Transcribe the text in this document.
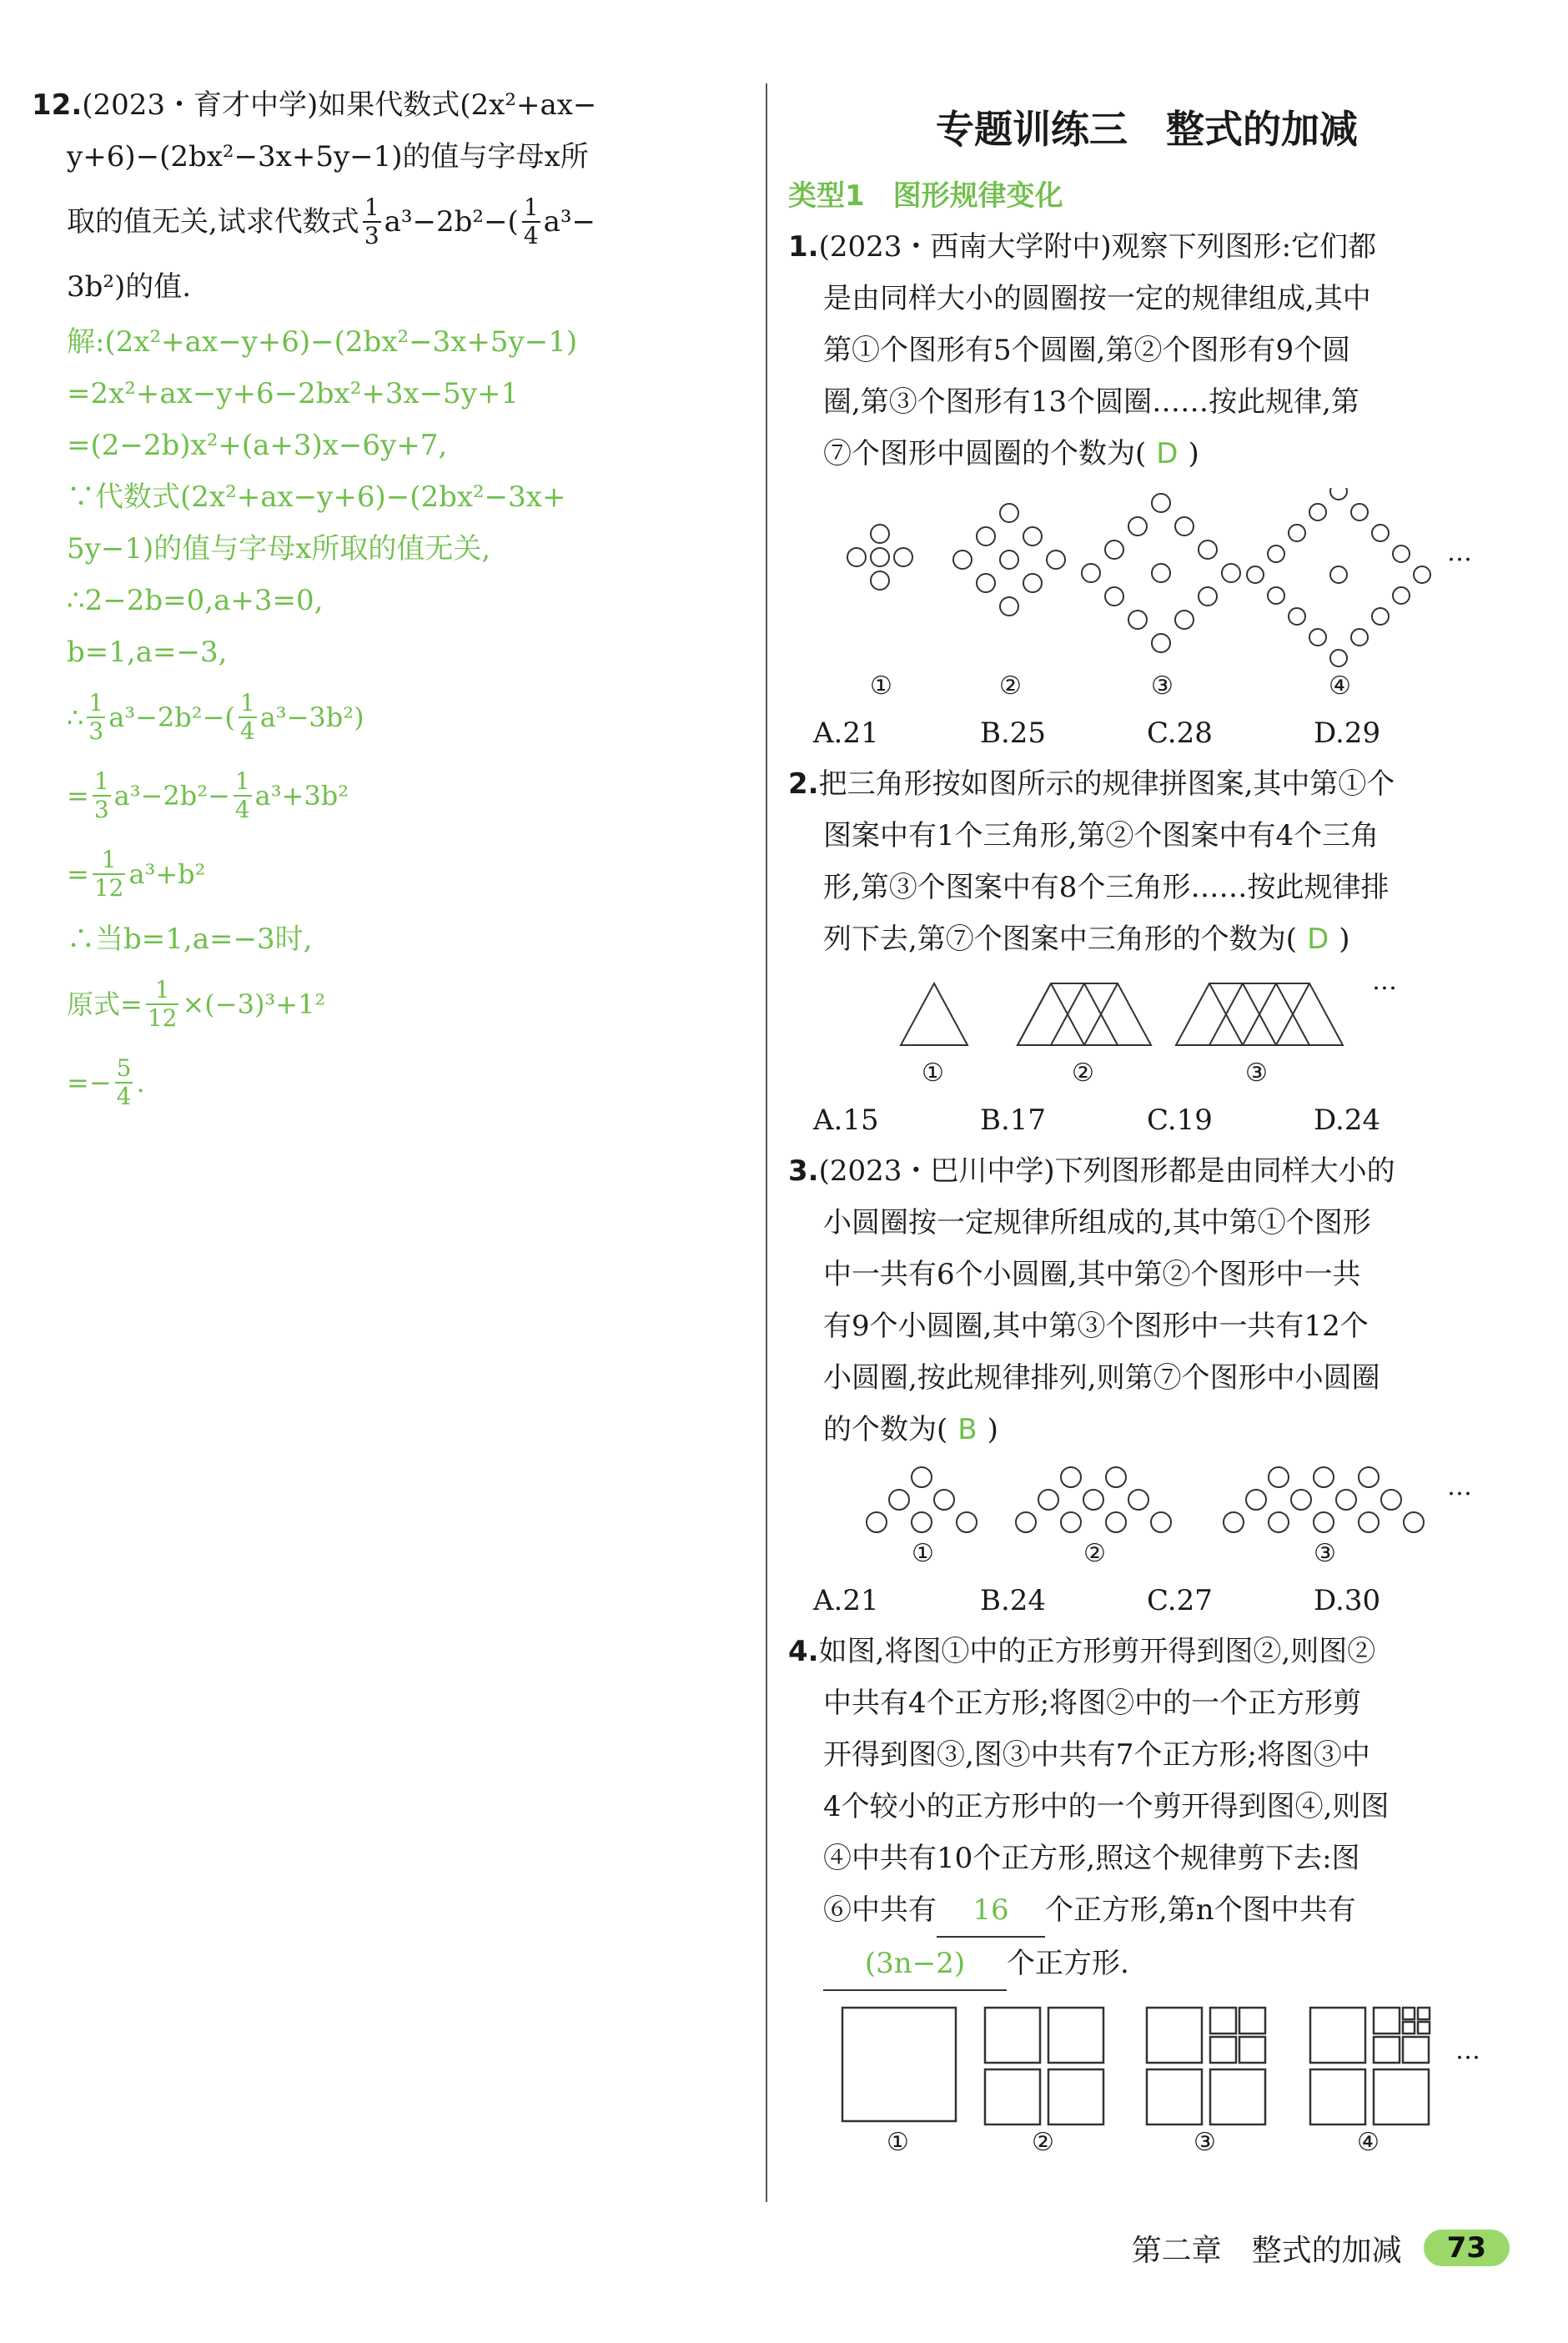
12.(2023・育才中学)如果代数式(2x²+ax−
y+6)−(2bx²−3x+5y−1)的值与字母x所
取的值无关,试求代数式 $\frac{1}{3} a^3-2b^2-( \frac{1}{4} a^3-$
3b²)的值.
解:(2x²+ax−y+6)−(2bx²−3x+5y−1)
=2x²+ax−y+6−2bx²+3x−5y+1
=(2−2b)x²+(a+3)x−6y+7,
∵代数式(2x²+ax−y+6)−(2bx²−3x+
5y−1)的值与字母x所取的值无关,
∴2−2b=0,a+3=0,
b=1,a=−3,
∴ $\frac{1}{3} a^3-2b^2-( \frac{1}{4} a^3-3b^2)$
= $\frac{1}{3} a^3-2b^2- \frac{1}{4} a^3+3b^2$
= $\frac{1}{12} a^3+b^2$
∴当b=1,a=−3时,
原式= $\frac{1}{12} \times(-3)^3+1^2$
=− $\frac{5}{4}$ .
专题训练三　整式的加减
类型1　图形规律变化
1.(2023・西南大学附中)观察下列图形:它们都
是由同样大小的圆圈按一定的规律组成,其中
第①个图形有5个圆圈,第②个图形有9个圆
圈,第③个图形有13个圆圈……按此规律,第
⑦个图形中圆圈的个数为( D )
①	②	③	④
…
A.21	B.25	C.28	D.29
2.把三角形按如图所示的规律拼图案,其中第①个
图案中有1个三角形,第②个图案中有4个三角
形,第③个图案中有8个三角形……按此规律排
列下去,第⑦个图案中三角形的个数为( D )
①	②	③
…
A.15	B.17	C.19	D.24
3.(2023・巴川中学)下列图形都是由同样大小的
小圆圈按一定规律所组成的,其中第①个图形
中一共有6个小圆圈,其中第②个图形中一共
有9个小圆圈,其中第③个图形中一共有12个
小圆圈,按此规律排列,则第⑦个图形中小圆圈
的个数为( B )
①	②	③
…
A.21	B.24	C.27	D.30
4.如图,将图①中的正方形剪开得到图②,则图②
中共有4个正方形;将图②中的一个正方形剪
开得到图③,图③中共有7个正方形;将图③中
4个较小的正方形中的一个剪开得到图④,则图
④中共有10个正方形,照这个规律剪下去:图
⑥中共有 16 个正方形,第n个图中共有
(3n−2) 个正方形.
①	②	③	④
…
第二章　整式的加减	73
